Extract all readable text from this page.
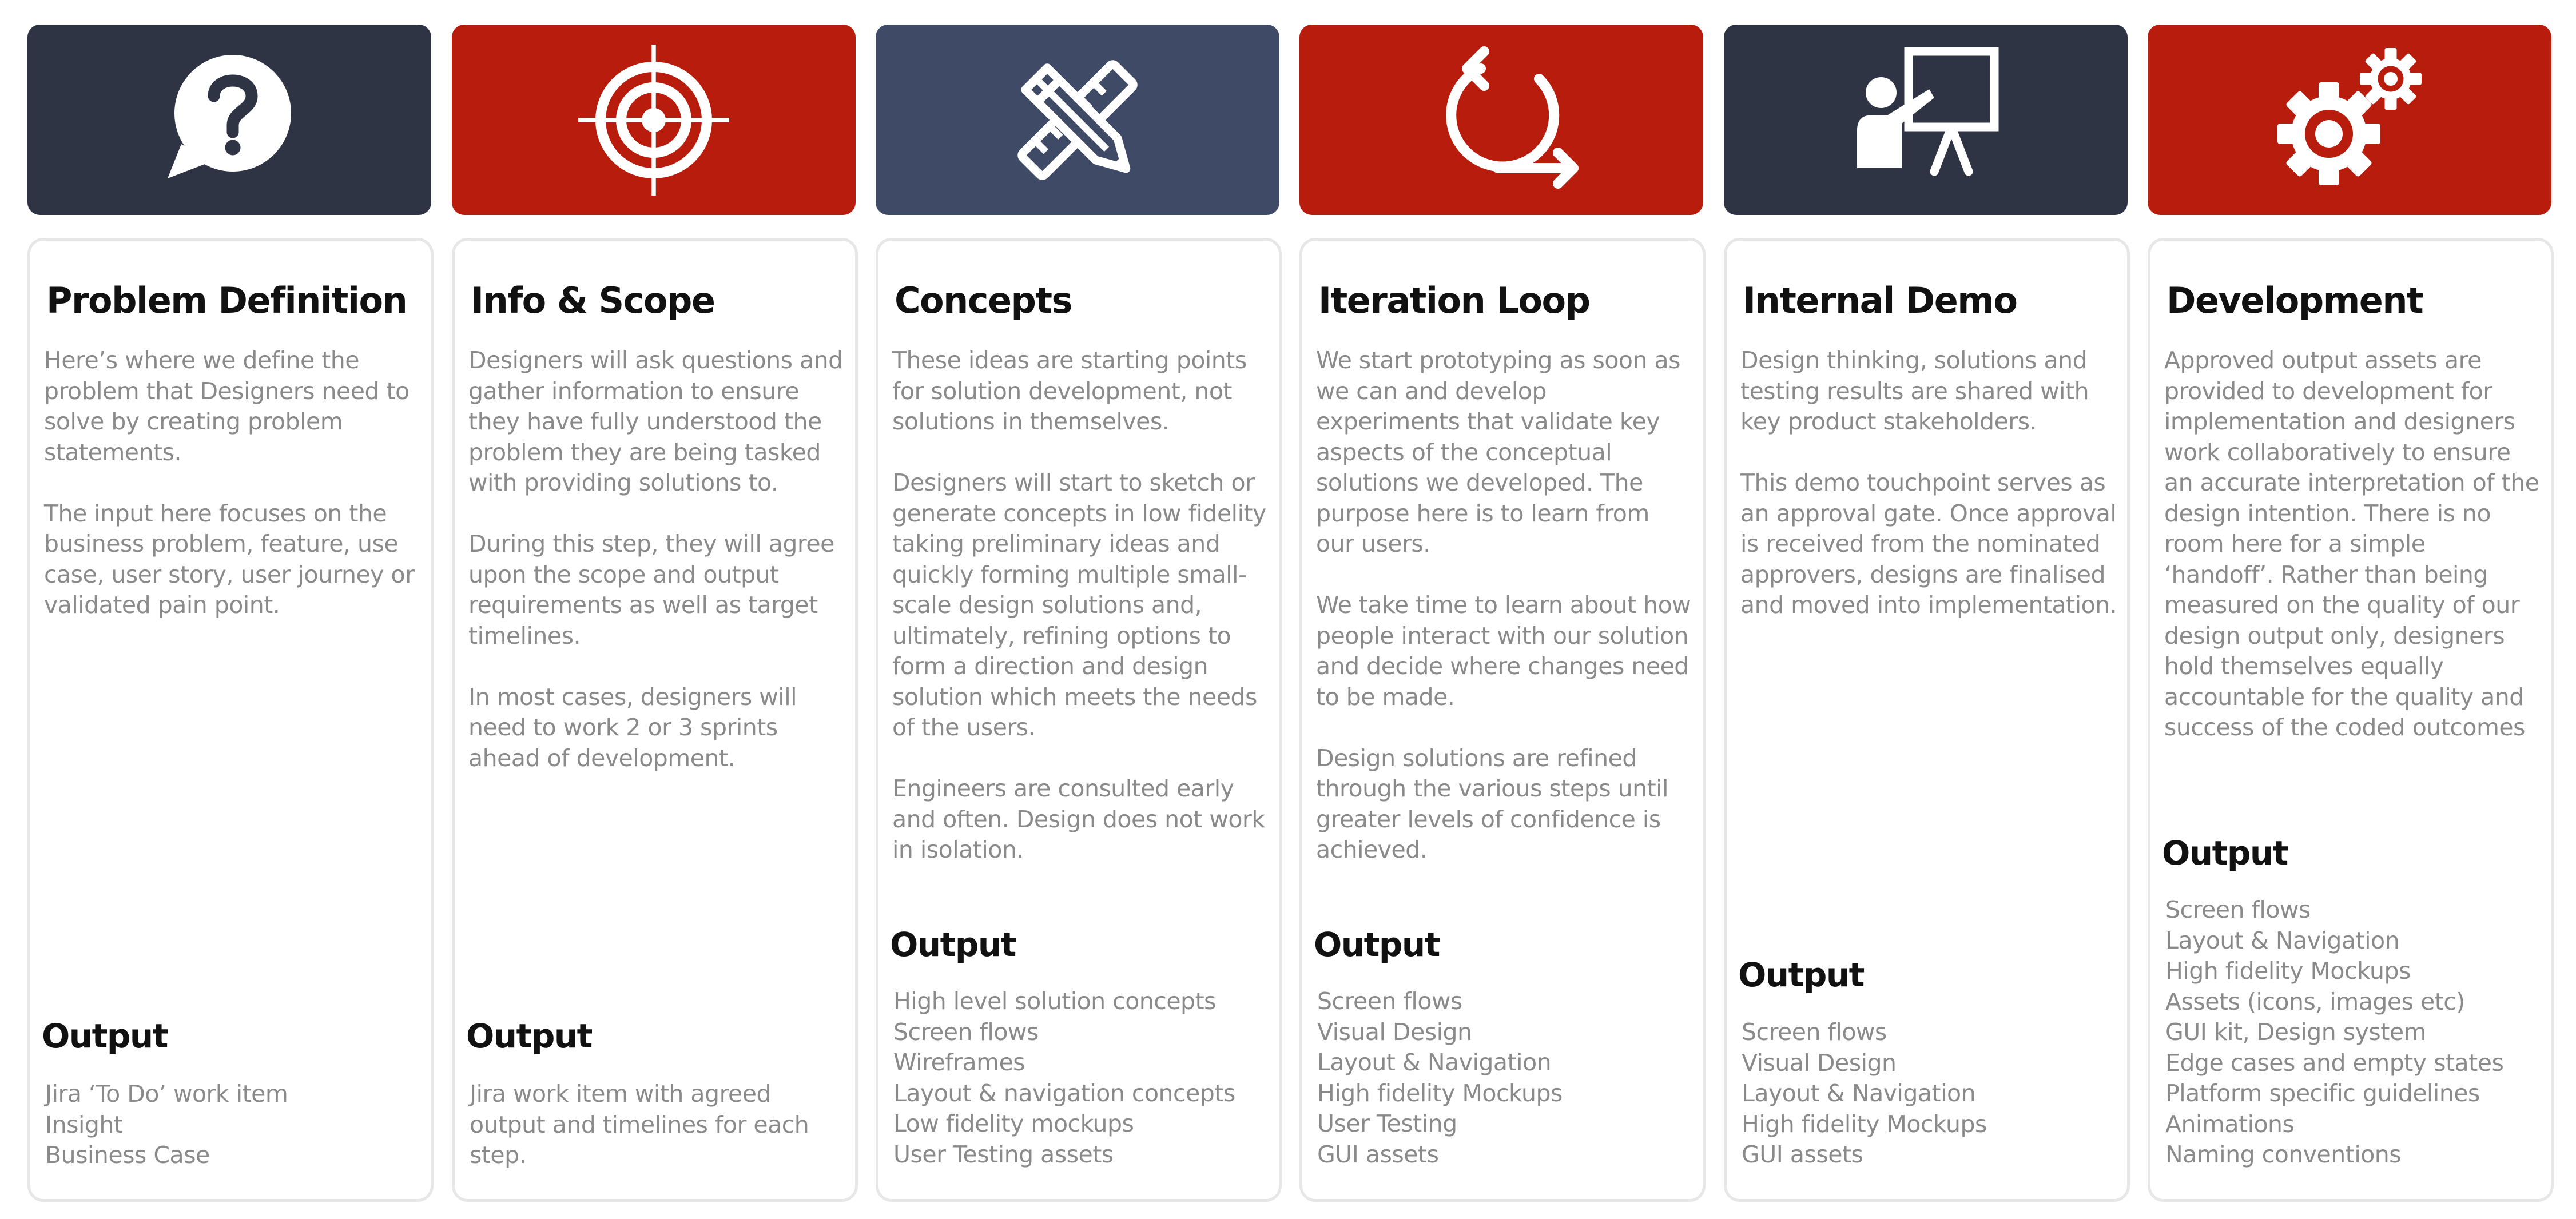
Problem Definition

Here’s where we define the problem that Designers need to solve by creating problem statements.

The input here focuses on the business problem, feature, use case, user story, user journey or validated pain point.

Output
Jira ‘To Do’ work item
Insight
Business Case
Info & Scope

Designers will ask questions and gather information to ensure they have fully understood the problem they are being tasked with providing solutions to.

During this step, they will agree upon the scope and output requirements as well as target timelines.

In most cases, designers will need to work 2 or 3 sprints ahead of development.

Output
Jira work item with agreed output and timelines for each step.
Concepts

These ideas are starting points for solution development, not solutions in themselves.

Designers will start to sketch or generate concepts in low fidelity taking preliminary ideas and quickly forming multiple small-scale design solutions and, ultimately, refining options to form a direction and design solution which meets the needs of the users.

Engineers are consulted early and often. Design does not work in isolation.

Output
High level solution concepts
Screen flows
Wireframes
Layout & navigation concepts
Low fidelity mockups
User Testing assets
Iteration Loop

We start prototyping as soon as we can and develop experiments that validate key aspects of the conceptual solutions we developed. The purpose here is to learn from our users.

We take time to learn about how people interact with our solution and decide where changes need to be made.

Design solutions are refined through the various steps until greater levels of confidence is achieved.

Output
Screen flows
Visual Design
Layout & Navigation
High fidelity Mockups
User Testing
GUI assets
Internal Demo

Design thinking, solutions and testing results are shared with key product stakeholders.

This demo touchpoint serves as an approval gate. Once approval is received from the nominated approvers, designs are finalised and moved into implementation.

Output
Screen flows
Visual Design
Layout & Navigation
High fidelity Mockups
GUI assets
Development

Approved output assets are provided to development for implementation and designers work collaboratively to ensure an accurate interpretation of the design intention. There is no room here for a simple ‘handoff’. Rather than being measured on the quality of our design output only, designers hold themselves equally accountable for the quality and success of the coded outcomes

Output
Screen flows
Layout & Navigation
High fidelity Mockups
Assets (icons, images etc)
GUI kit, Design system
Edge cases and empty states
Platform specific guidelines
Animations
Naming conventions
